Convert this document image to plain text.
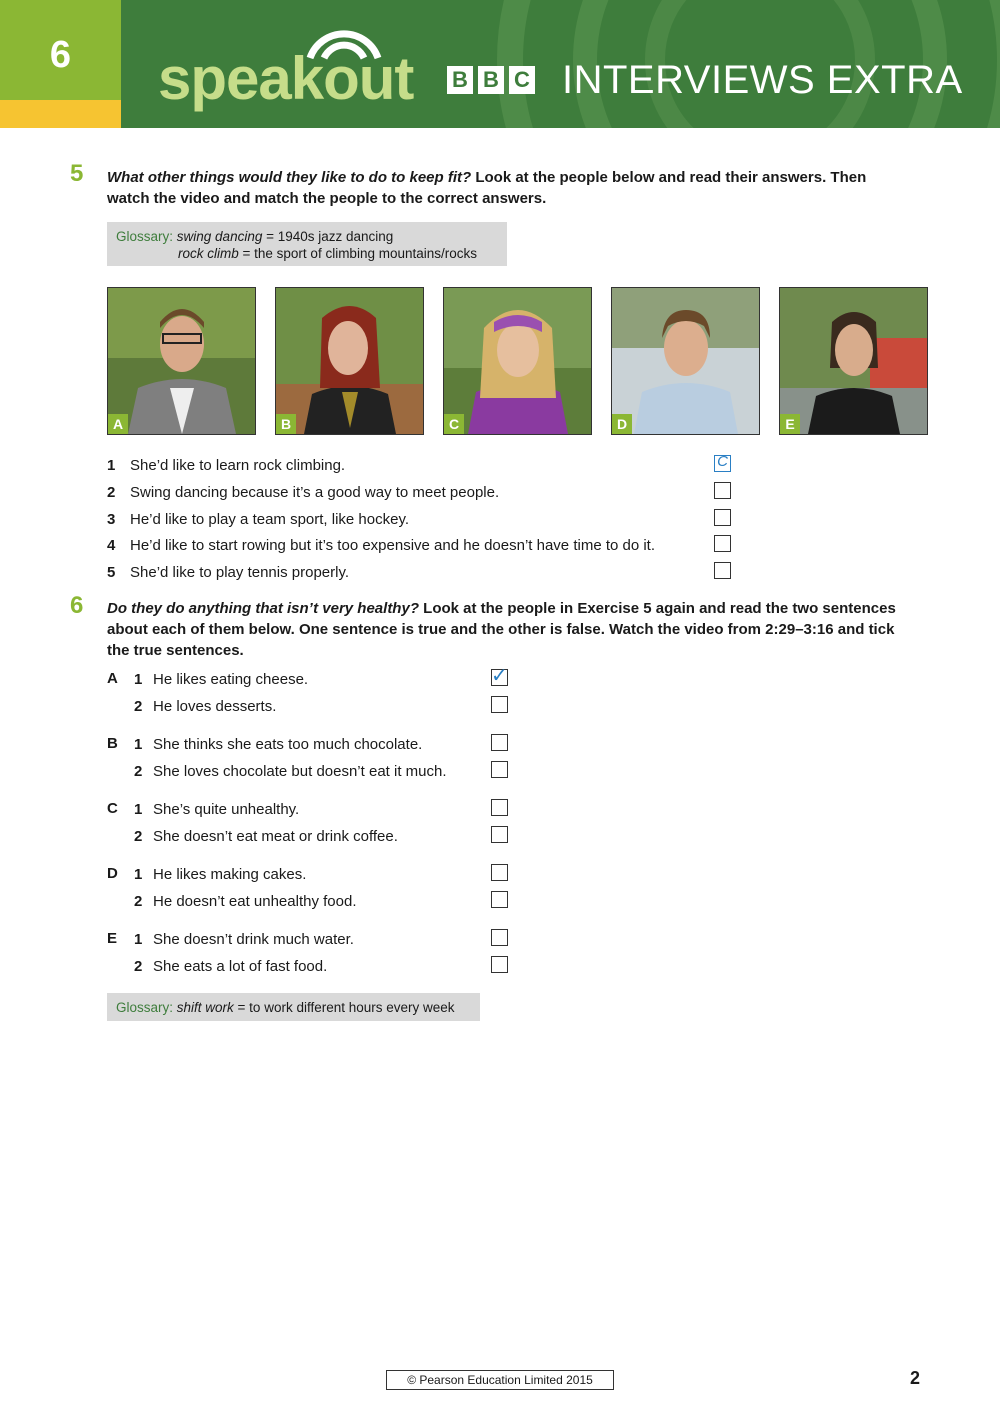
6	speakout B B C INTERVIEWS EXTRA
5 What other things would they like to do to keep fit? Look at the people below and read their answers. Then watch the video and match the people to the correct answers.
Glossary: swing dancing = 1940s jazz dancing
rock climb = the sport of climbing mountains/rocks
A	B	C	D	E
1 She’d like to learn rock climbing.	C
2 Swing dancing because it’s a good way to meet people.
3 He’d like to play a team sport, like hockey.
4 He’d like to start rowing but it’s too expensive and he doesn’t have time to do it.
5 She’d like to play tennis properly.
6 Do they do anything that isn’t very healthy? Look at the people in Exercise 5 again and read the two sentences about each of them below. One sentence is true and the other is false. Watch the video from 2:29–3:16 and tick the true sentences.
A 1 He likes eating cheese.	✓
2 He loves desserts.
B 1 She thinks she eats too much chocolate.
2 She loves chocolate but doesn’t eat it much.
C 1 She’s quite unhealthy.
2 She doesn’t eat meat or drink coffee.
D 1 He likes making cakes.
2 He doesn’t eat unhealthy food.
E 1 She doesn’t drink much water.
2 She eats a lot of fast food.
Glossary: shift work = to work different hours every week
© Pearson Education Limited 2015	2
